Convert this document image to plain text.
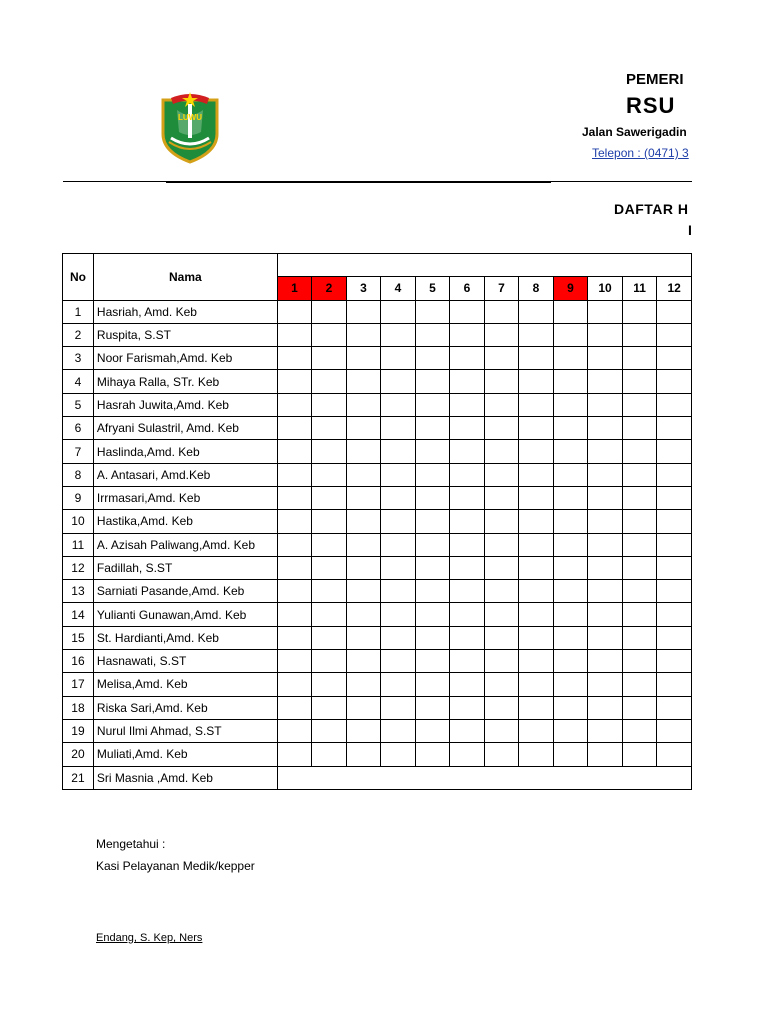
LUWU
PEMERI
RSU
Jalan Sawerigadin
Telepon : (0471) 3
DAFTAR H
I
No	Nama												
		1	2	3	4	5	6	7	8	9	10	11	12
1	Hasriah, Amd. Keb												
2	Ruspita, S.ST												
3	Noor Farismah,Amd. Keb												
4	Mihaya Ralla, STr. Keb												
5	Hasrah Juwita,Amd. Keb												
6	Afryani Sulastril, Amd. Keb												
7	Haslinda,Amd. Keb												
8	A. Antasari, Amd.Keb												
9	Irrmasari,Amd. Keb												
10	Hastika,Amd. Keb												
11	A. Azisah Paliwang,Amd. Keb												
12	Fadillah, S.ST												
13	Sarniati Pasande,Amd. Keb												
14	Yulianti Gunawan,Amd. Keb												
15	St. Hardianti,Amd. Keb												
16	Hasnawati, S.ST												
17	Melisa,Amd. Keb												
18	Riska Sari,Amd. Keb												
19	Nurul Ilmi Ahmad, S.ST												
20	Muliati,Amd. Keb												
21	Sri Masnia ,Amd. Keb												
Mengetahui :
Kasi Pelayanan Medik/kepper
Endang, S. Kep, Ners
